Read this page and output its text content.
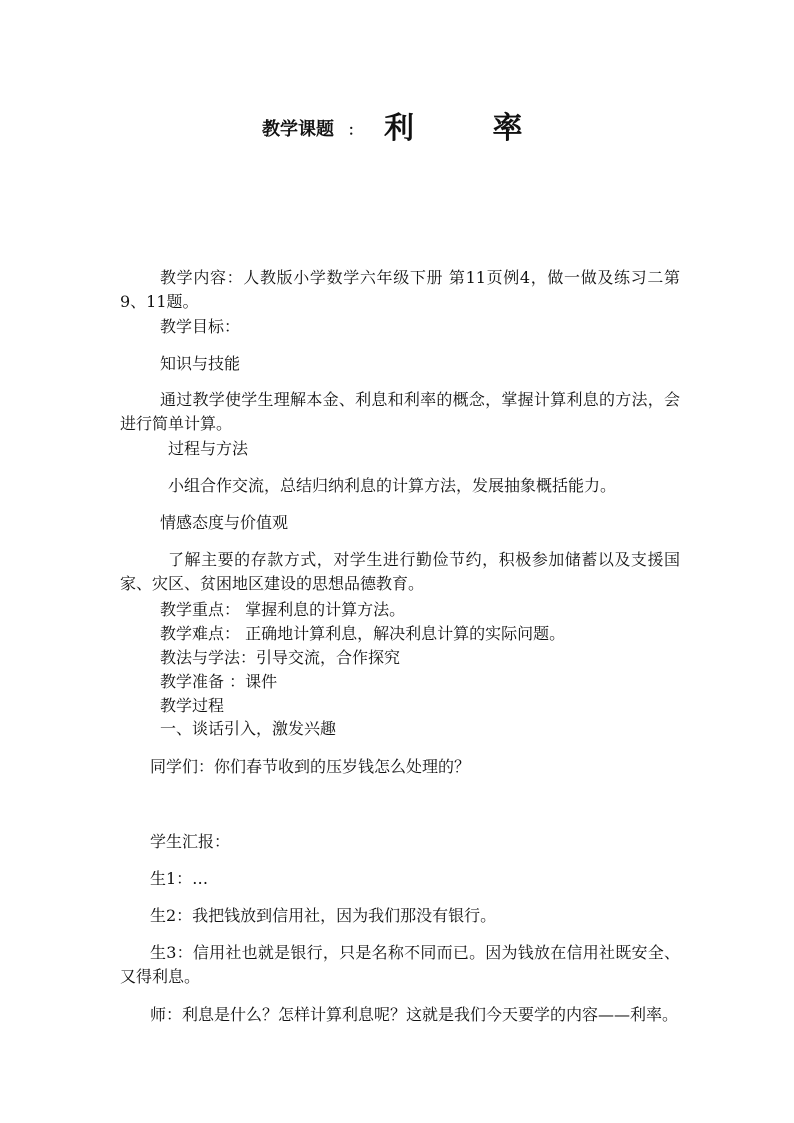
教学课题 ： 利 率
教学内容：人教版小学数学六年级下册 第11页例4，做一做及练习二第9、11题。
教学目标：
知识与技能
通过教学使学生理解本金、利息和利率的概念，掌握计算利息的方法，会进行简单计算。
过程与方法
小组合作交流，总结归纳利息的计算方法，发展抽象概括能力。
情感态度与价值观
了解主要的存款方式，对学生进行勤俭节约，积极参加储蓄以及支援国家、灾区、贫困地区建设的思想品德教育。
教学重点： 掌握利息的计算方法。
教学难点： 正确地计算利息，解决利息计算的实际问题。
教法与学法：引导交流，合作探究
教学准备 ：课件
教学过程
一、谈话引入，激发兴趣
同学们：你们春节收到的压岁钱怎么处理的？
学生汇报：
生1：…
生2：我把钱放到信用社，因为我们那没有银行。
生3：信用社也就是银行，只是名称不同而已。因为钱放在信用社既安全、又得利息。
师：利息是什么？怎样计算利息呢？这就是我们今天要学的内容——利率。
